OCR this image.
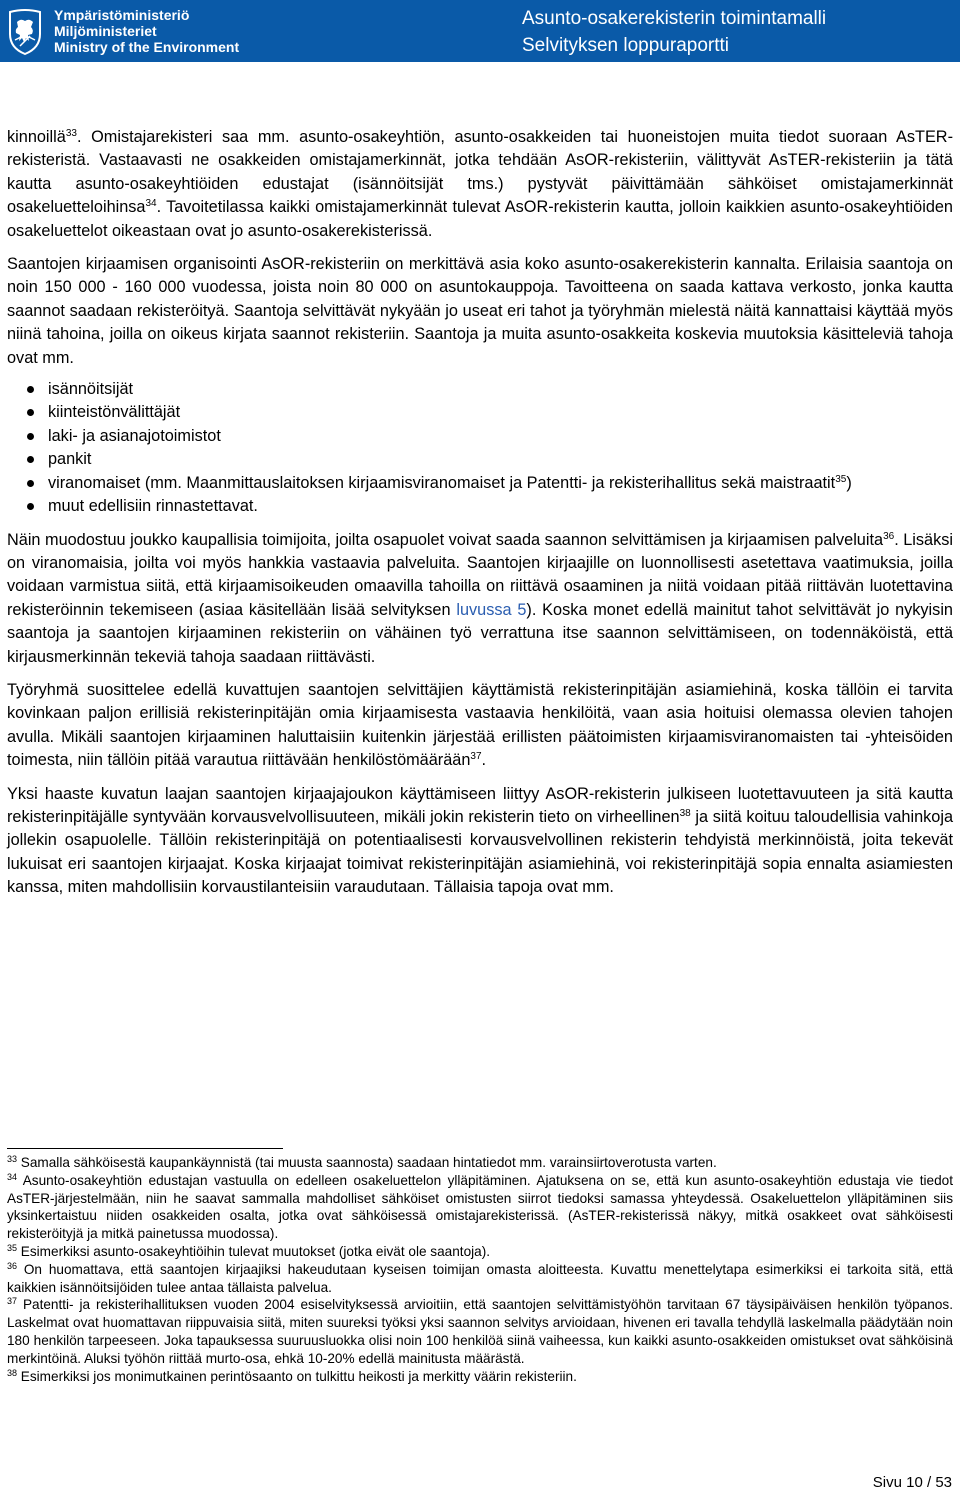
Ympäristöministeriö
Miljöministeriet
Ministry of the Environment
Asunto-osakerekisterin toimintamalli
Selvityksen loppuraportti

kinnoillä$^{33}$. Omistajarekisteri saa mm. asunto-osakeyhtiön, asunto-osakkeiden tai huoneistojen muita tiedot suoraan AsTER-rekisteristä. Vastaavasti ne osakkeiden omistajamerkinnät, jotka tehdään AsOR-rekisteriin, välittyvät AsTER-rekisteriin ja tätä kautta asunto-osakeyhtiöiden edustajat (isännöitsijät tms.) pystyvät päivittämään sähköiset omistajamerkinnät osakeluetteloihinsa$^{34}$. Tavoitetilassa kaikki omistajamerkinnät tulevat AsOR-rekisterin kautta, jolloin kaikkien asunto-osakeyhtiöiden osakeluettelot oikeastaan ovat jo asunto-osakerekisterissä.

Saantojen kirjaamisen organisointi AsOR-rekisteriin on merkittävä asia koko asunto-osakerekisterin kannalta. Erilaisia saantoja on noin 150 000 - 160 000 vuodessa, joista noin 80 000 on asuntokauppoja. Tavoitteena on saada kattava verkosto, jonka kautta saannot saadaan rekisteröityä. Saantoja selvittävät nykyään jo useat eri tahot ja työryhmän mielestä näitä kannattaisi käyttää myös niinä tahoina, joilla on oikeus kirjata saannot rekisteriin. Saantoja ja muita asunto-osakkeita koskevia muutoksia käsitteleviä tahoja ovat mm.

isännöitsijät
kiinteistönvälittäjät
laki- ja asianajotoimistot
pankit
viranomaiset (mm. Maanmittauslaitoksen kirjaamisviranomaiset ja Patentti- ja rekisterihallitus sekä maistraatit$^{35}$)
muut edellisiin rinnastettavat.

Näin muodostuu joukko kaupallisia toimijoita, joilta osapuolet voivat saada saannon selvittämisen ja kirjaamisen palveluita$^{36}$. Lisäksi on viranomaisia, joilta voi myös hankkia vastaavia palveluita. Saantojen kirjaajille on luonnollisesti asetettava vaatimuksia, joilla voidaan varmistua siitä, että kirjaamisoikeuden omaavilla tahoilla on riittävä osaaminen ja niitä voidaan pitää riittävän luotettavina rekisteröinnin tekemiseen (asiaa käsitellään lisää selvityksen luvussa 5). Koska monet edellä mainitut tahot selvittävät jo nykyisin saantoja ja saantojen kirjaaminen rekisteriin on vähäinen työ verrattuna itse saannon selvittämiseen, on todennäköistä, että kirjausmerkinnän tekeviä tahoja saadaan riittävästi.

Työryhmä suosittelee edellä kuvattujen saantojen selvittäjien käyttämistä rekisterinpitäjän asiamiehinä, koska tällöin ei tarvita kovinkaan paljon erillisiä rekisterinpitäjän omia kirjaamisesta vastaavia henkilöitä, vaan asia hoituisi olemassa olevien tahojen avulla. Mikäli saantojen kirjaaminen haluttaisiin kuitenkin järjestää erillisten päätoimisten kirjaamisviranomaisten tai -yhteisöiden toimesta, niin tällöin pitää varautua riittävään henkilöstömäärään$^{37}$.

Yksi haaste kuvatun laajan saantojen kirjaajajoukon käyttämiseen liittyy AsOR-rekisterin julkiseen luotettavuuteen ja sitä kautta rekisterinpitäjälle syntyvään korvausvelvollisuuteen, mikäli jokin rekisterin tieto on virheellinen$^{38}$ ja siitä koituu taloudellisia vahinkoja jollekin osapuolelle. Tällöin rekisterinpitäjä on potentiaalisesti korvausvelvollinen rekisterin tehdyistä merkinnöistä, joita tekevät lukuisat eri saantojen kirjaajat. Koska kirjaajat toimivat rekisterinpitäjän asiamiehinä, voi rekisterinpitäjä sopia ennalta asiamiesten kanssa, miten mahdollisiin korvaustilanteisiin varaudutaan. Tällaisia tapoja ovat mm.

$^{33}$ Samalla sähköisestä kaupankäynnistä (tai muusta saannosta) saadaan hintatiedot mm. varainsiirtoverotusta varten.

$^{34}$ Asunto-osakeyhtiön edustajan vastuulla on edelleen osakeluettelon ylläpitäminen. Ajatuksena on se, että kun asunto-osakeyhtiön edustaja vie tiedot AsTER-järjestelmään, niin he saavat sammalla mahdolliset sähköiset omistusten siirrot tiedoksi samassa yhteydessä. Osakeluettelon ylläpitäminen siis yksinkertaistuu niiden osakkeiden osalta, jotka ovat sähköisessä omistajarekisterissä. (AsTER-rekisterissä näkyy, mitkä osakkeet ovat sähköisesti rekisteröityjä ja mitkä painetussa muodossa).

$^{35}$ Esimerkiksi asunto-osakeyhtiöihin tulevat muutokset (jotka eivät ole saantoja).

$^{36}$ On huomattava, että saantojen kirjaajiksi hakeudutaan kyseisen toimijan omasta aloitteesta. Kuvattu menettelytapa esimerkiksi ei tarkoita sitä, että kaikkien isännöitsijöiden tulee antaa tällaista palvelua.

$^{37}$ Patentti- ja rekisterihallituksen vuoden 2004 esiselvityksessä arvioitiin, että saantojen selvittämistyöhön tarvitaan 67 täysipäiväisen henkilön työpanos. Laskelmat ovat huomattavan riippuvaisia siitä, miten suureksi työksi yksi saannon selvitys arvioidaan, hivenen eri tavalla tehdyllä laskelmalla päädytään noin 180 henkilön tarpeeseen. Joka tapauksessa suuruusluokka olisi noin 100 henkilöä siinä vaiheessa, kun kaikki asunto-osakkeiden omistukset ovat sähköisinä merkintöinä. Aluksi työhön riittää murto-osa, ehkä 10-20% edellä mainitusta määrästä.

$^{38}$ Esimerkiksi jos monimutkainen perintösaanto on tulkittu heikosti ja merkitty väärin rekisteriin.

Sivu 10 / 53
